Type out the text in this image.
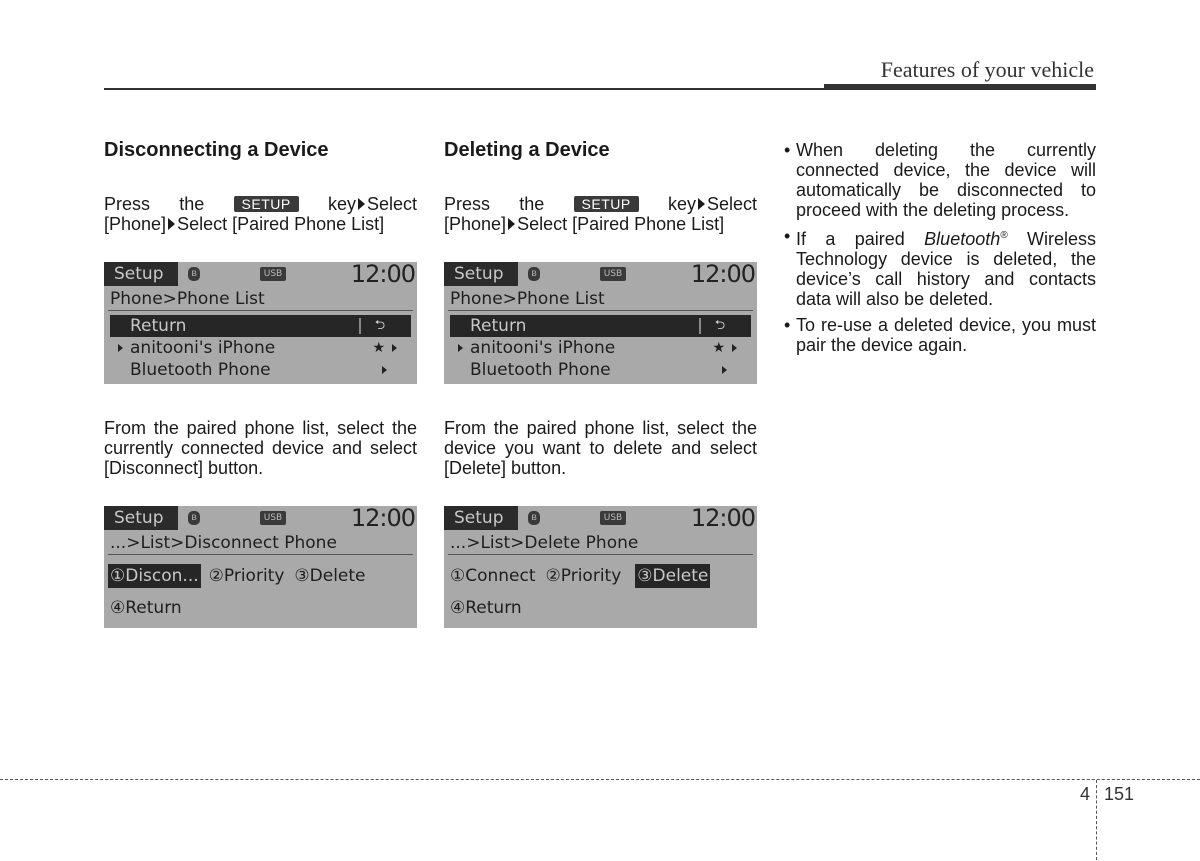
Features of your vehicle
Disconnecting a Device
Press the	SETUP	key Select
[Phone] Select [Paired Phone List]
Setup	ʙ	USB	12:00
Phone>Phone List
Return	⮌
anitooni's iPhone	★
Bluetooth Phone

From the paired phone list, select the currently connected device and select [Disconnect] button.

Setup	ʙ	USB	12:00
...>List>Disconnect Phone
①Discon... ②Priority ③Delete
④Return
Deleting a Device
Press the	SETUP	key Select
[Phone] Select [Paired Phone List]
Setup	ʙ	USB	12:00
Phone>Phone List
Return	⮌
anitooni's iPhone	★
Bluetooth Phone

From the paired phone list, select the device you want to delete and select [Delete] button.

Setup	ʙ	USB	12:00
...>List>Delete Phone
①Connect ②Priority ③Delete
④Return
• When deleting the currently connected device, the device will automatically be disconnected to proceed with the deleting process.
• If a paired Bluetooth® Wireless Technology device is deleted, the device’s call history and contacts data will also be deleted.
• To re-use a deleted device, you must pair the device again.
4 151
